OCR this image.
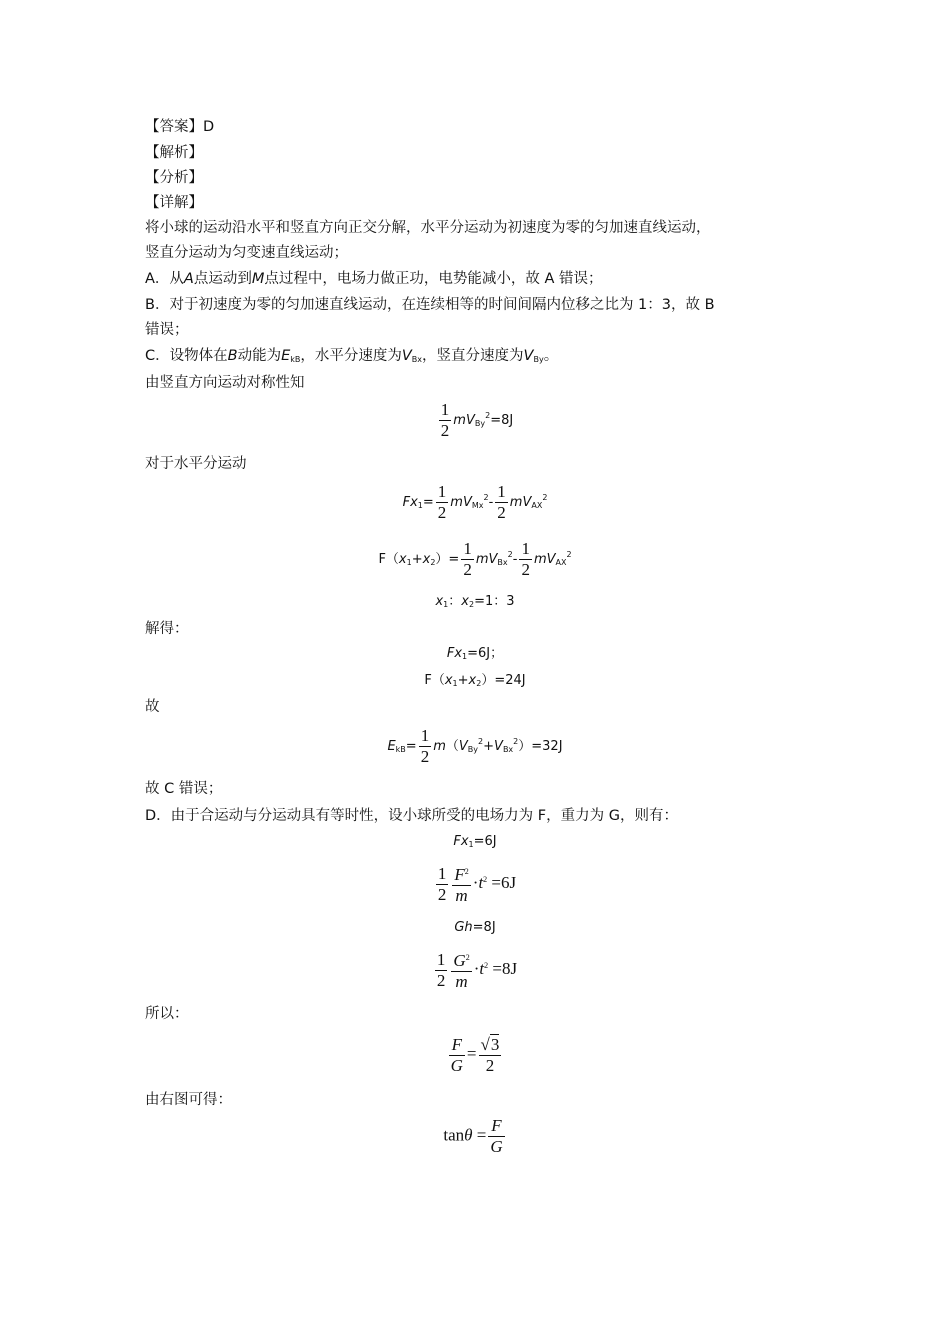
【答案】D
【解析】
【分析】
【详解】
将小球的运动沿水平和竖直方向正交分解，水平分运动为初速度为零的匀加速直线运动，
竖直分运动为匀变速直线运动；
A．从A点运动到M点过程中，电场力做正功，电势能减小，故 A 错误；
B．对于初速度为零的匀加速直线运动，在连续相等的时间间隔内位移之比为 1：3，故 B
错误；
C．设物体在B动能为$E_{kB}$，水平分速度为$V_{Bx}$，竖直分速度为$V_{By}$。
由竖直方向运动对称性知
$\frac{1}{2} mV_{By}^2=8J$
对于水平分运动
$Fx_1= \frac{1}{2} mV_{Mx}^2- \frac{1}{2} mV_{AX}^2$
$F(x_1+x_2)= \frac{1}{2} mV_{Bx}^2- \frac{1}{2} mV_{AX}^2$
$x_1$：$x_2=1$：3
解得：
$Fx_1=6J$；
$F(x_1+x_2)=24J$
故
$E_{kB}= \frac{1}{2} m(V_{By}^2+V_{Bx}^2)=32J$
故 C 错误；
D．由于合运动与分运动具有等时性，设小球所受的电场力为 F，重力为 G，则有：
$Fx_1=6J$
$\frac{1}{2} \frac{F^2}{m} \cdot t^2 =6J$
Gh=8J
$\frac{1}{2} \frac{G^2}{m} \cdot t^2 =8J$
所以：
$\frac{F}{G} = \frac{√3}{2}$
由右图可得：
$\tan\theta = \frac{F}{G}$
